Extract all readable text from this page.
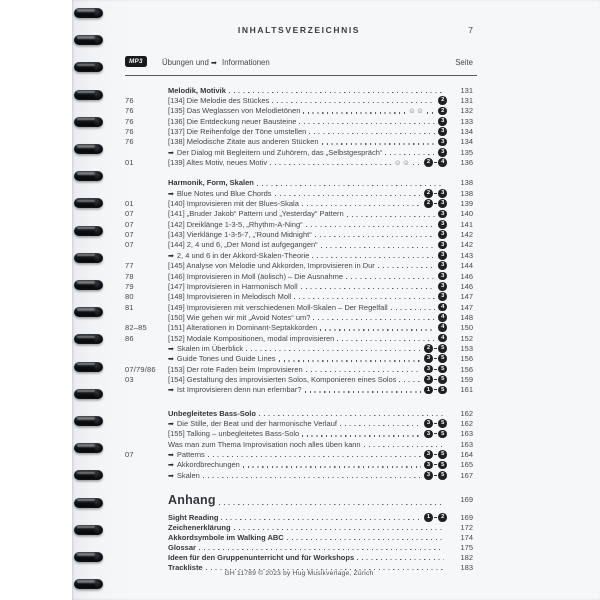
INHALTSVERZEICHNIS	7
MP3	Übungen und ➡ Informationen	Seite
Melodik, Motivik	131
76	[134] Die Melodie des Stückes	2	131
76	[135] Das Weglassen von Melodietönen	☺ ☺	2	132
76	[136] Die Entdeckung neuer Bausteine	3	133
76	[137] Die Reihenfolge der Töne umstellen	3	134
76	[138] Melodische Zitate aus anderen Stücken	3	134
➡ Der Dialog mit Begleitern und Zuhörern, das „Selbstgespräch“	3	135
01	[139] Altes Motiv, neues Motiv	☺ ☺	2	4	136
Harmonik, Form, Skalen	138
➡ Blue Notes und Blue Chords	2	3	138
01	[140] Improvisieren mit der Blues-Skala	2	3	139
07	[141] „Bruder Jakob“ Pattern und „Yesterday“ Pattern	3	140
07	[142] Dreiklänge 1-3-5, „Rhythm-A-Ning“	3	141
07	[143] Vierklänge 1-3-5-7, „’Round Midnight“	3	142
07	[144] 2, 4 und 6, „Der Mond ist aufgegangen“	3	142
➡ 2, 4 und 6 in der Akkord-Skalen-Theorie	3	143
77	[145] Analyse von Melodie und Akkorden, Improvisieren in Dur	3	144
78	[146] Improvisieren in Moll (äolisch) – Die Ausnahme	3	146
79	[147] Improvisieren in Harmonisch Moll	3	146
80	[148] Improvisieren in Melodisch Moll	3	147
81	[149] Improvisieren mit verschiedenen Moll-Skalen – Der Regelfall	4	147
[150] Wie gehen wir mit „Avoid Notes“ um?	4	148
82–85	[151] Alterationen in Dominant-Septakkorden	4	150
86	[152] Modale Kompositionen, modal improvisieren	4	152
➡ Skalen im Überblick	2	5	153
➡ Guide Tones und Guide Lines	3	5	156
07/79/86	[153] Der rote Faden beim Improvisieren	3	5	156
03	[154] Gestaltung des improvisierten Solos, Komponieren eines Solos	3	5	159
➡ Ist Improvisieren denn nun erlernbar?	1	5	161
Unbegleitetes Bass-Solo	162
➡ Die Stille, der Beat und der harmonische Verlauf	3	5	162
[155] Talking – unbegleitetes Bass-Solo	3	5	163
Was man zum Thema Improvisation noch alles üben kann	163
07	➡ Patterns	3	5	164
➡ Akkordbrechungen	3	5	165
➡ Skalen	3	5	167
Anhang	169
Sight Reading	1	2	169
Zeichenerklärung	172
Akkordsymbole im Walking ABC	174
Glossar	175
Ideen für den Gruppenunterricht und für Workshops	182
Trackliste	183
GH 11789 © 2023 by Hug Musikverlage, Zürich
